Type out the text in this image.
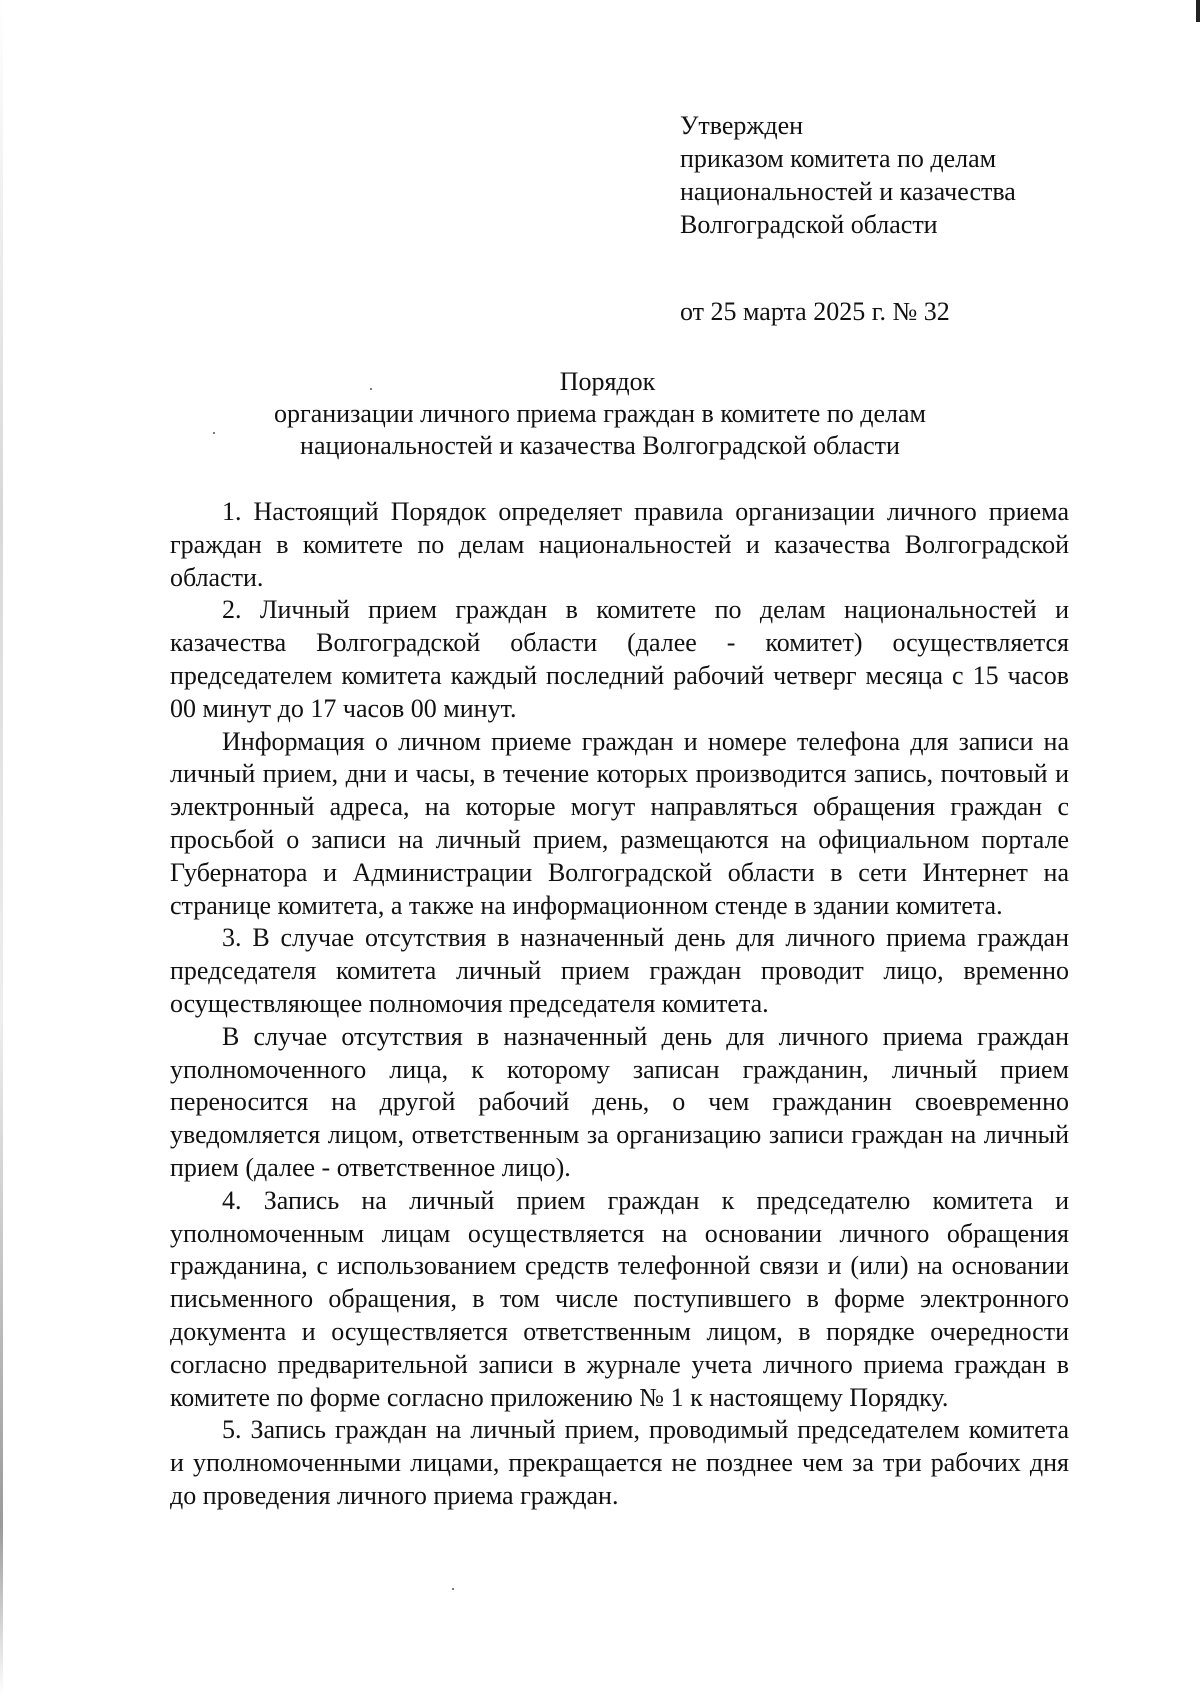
Утвержден
приказом комитета по делам
национальностей и казачества
Волгоградской области
от 25 марта 2025 г. № 32
Порядок
организации личного приема граждан в комитете по делам
национальностей и казачества Волгоградской области

1. Настоящий Порядок определяет правила организации личного приема граждан в комитете по делам национальностей и казачества Волгоградской области.

2. Личный прием граждан в комитете по делам национальностей и казачества Волгоградской области (далее - комитет) осуществляется председателем комитета каждый последний рабочий четверг месяца с 15 часов 00 минут до 17 часов 00 минут.

Информация о личном приеме граждан и номере телефона для записи на личный прием, дни и часы, в течение которых производится запись, почтовый и электронный адреса, на которые могут направляться обращения граждан с просьбой о записи на личный прием, размещаются на официальном портале Губернатора и Администрации Волгоградской области в сети Интернет на странице комитета, а также на информационном стенде в здании комитета.

3. В случае отсутствия в назначенный день для личного приема граждан председателя комитета личный прием граждан проводит лицо, временно осуществляющее полномочия председателя комитета.

В случае отсутствия в назначенный день для личного приема граждан уполномоченного лица, к которому записан гражданин, личный прием переносится на другой рабочий день, о чем гражданин своевременно уведомляется лицом, ответственным за организацию записи граждан на личный прием (далее - ответственное лицо).

4. Запись на личный прием граждан к председателю комитета и уполномоченным лицам осуществляется на основании личного обращения гражданина, с использованием средств телефонной связи и (или) на основании письменного обращения, в том числе поступившего в форме электронного документа и осуществляется ответственным лицом, в порядке очередности согласно предварительной записи в журнале учета личного приема граждан в комитете по форме согласно приложению № 1 к настоящему Порядку.

5. Запись граждан на личный прием, проводимый председателем комитета и уполномоченными лицами, прекращается не позднее чем за три рабочих дня до проведения личного приема граждан.
